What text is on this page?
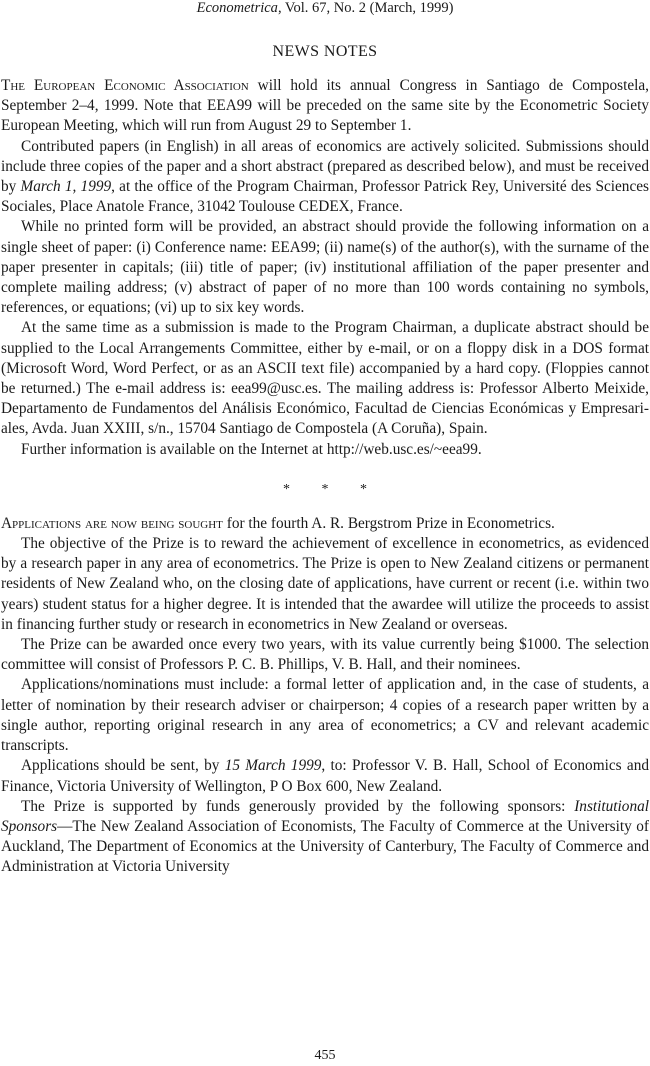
Econometrica, Vol. 67, No. 2 (March, 1999)
NEWS NOTES

The European Economic Association will hold its annual Congress in Santiago de Compostela, September 2–4, 1999. Note that EEA99 will be preceded on the same site by the Econometric Society European Meeting, which will run from August 29 to September 1.

Contributed papers (in English) in all areas of economics are actively solicited. Submissions should include three copies of the paper and a short abstract (prepared as described below), and must be received by March 1, 1999, at the office of the Program Chairman, Professor Patrick Rey, Université des Sciences Sociales, Place Anatole France, 31042 Toulouse CEDEX, France.

While no printed form will be provided, an abstract should provide the following information on a single sheet of paper: (i) Conference name: EEA99; (ii) name(s) of the author(s), with the surname of the paper presenter in capitals; (iii) title of paper; (iv) institutional affiliation of the paper presenter and complete mailing address; (v) abstract of paper of no more than 100 words containing no symbols, references, or equations; (vi) up to six key words.

At the same time as a submission is made to the Program Chairman, a duplicate abstract should be supplied to the Local Arrangements Committee, either by e-mail, or on a floppy disk in a DOS format (Microsoft Word, Word Perfect, or as an ASCII text file) accompanied by a hard copy. (Floppies cannot be returned.) The e-mail address is: eea99@usc.es. The mailing address is: Professor Alberto Meixide, Departamento de Fundamentos del Análisis Económico, Facultad de Ciencias Económicas y Empresariales, Avda. Juan XXIII, s/n., 15704 Santiago de Compostela (A Coruña), Spain.

Further information is available on the Internet at http://web.usc.es/~eea99.

* * *

Applications are now being sought for the fourth A. R. Bergstrom Prize in Econometrics.

The objective of the Prize is to reward the achievement of excellence in econometrics, as evidenced by a research paper in any area of econometrics. The Prize is open to New Zealand citizens or permanent residents of New Zealand who, on the closing date of applications, have current or recent (i.e. within two years) student status for a higher degree. It is intended that the awardee will utilize the proceeds to assist in financing further study or research in econometrics in New Zealand or overseas.

The Prize can be awarded once every two years, with its value currently being $1000. The selection committee will consist of Professors P. C. B. Phillips, V. B. Hall, and their nominees.

Applications/nominations must include: a formal letter of application and, in the case of students, a letter of nomination by their research adviser or chairperson; 4 copies of a research paper written by a single author, reporting original research in any area of econometrics; a CV and relevant academic transcripts.

Applications should be sent, by 15 March 1999, to: Professor V. B. Hall, School of Economics and Finance, Victoria University of Wellington, P O Box 600, New Zealand.

The Prize is supported by funds generously provided by the following sponsors: Institutional Sponsors—The New Zealand Association of Economists, The Faculty of Commerce at the University of Auckland, The Department of Economics at the University of Canterbury, The Faculty of Commerce and Administration at Victoria University

455
